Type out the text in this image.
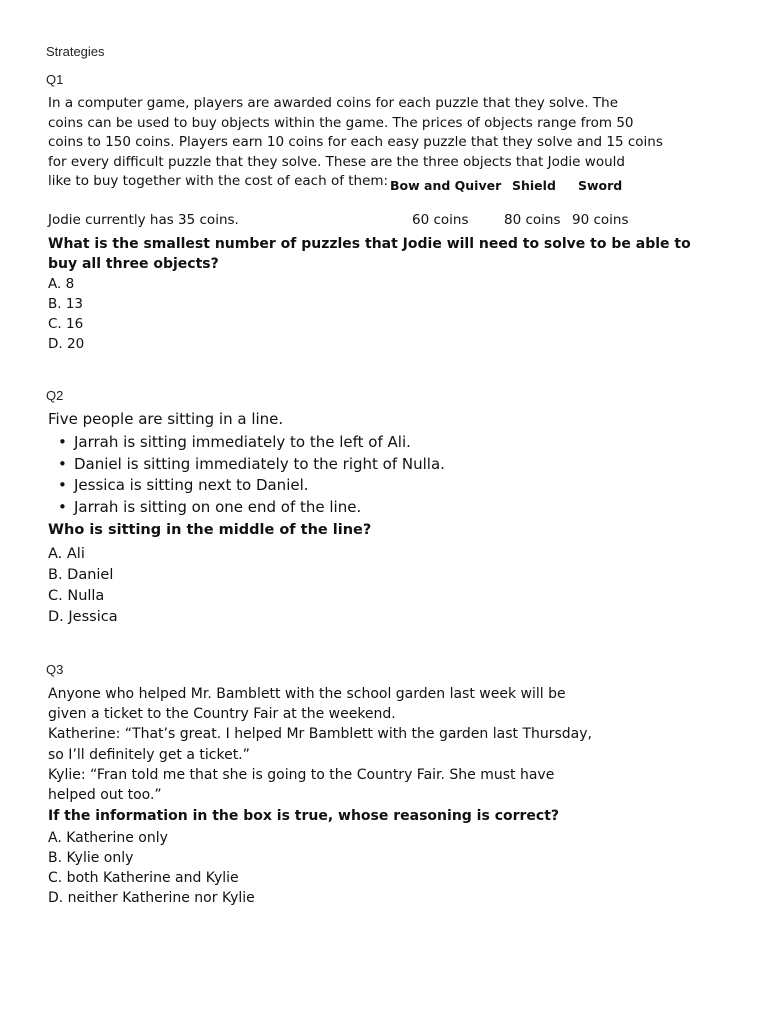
Strategies
Q1
In a computer game, players are awarded coins for each puzzle that they solve. The
coins can be used to buy objects within the game. The prices of objects range from 50
coins to 150 coins. Players earn 10 coins for each easy puzzle that they solve and 15 coins
for every difficult puzzle that they solve. These are the three objects that Jodie would
like to buy together with the cost of each of them: Bow and Quiver Shield Sword
Jodie currently has 35 coins.	60 coins	80 coins 90 coins
What is the smallest number of puzzles that Jodie will need to solve to be able to
buy all three objects?
A. 8
B. 13
C. 16
D. 20
Q2
Five people are sitting in a line.
• Jarrah is sitting immediately to the left of Ali.
• Daniel is sitting immediately to the right of Nulla.
• Jessica is sitting next to Daniel.
• Jarrah is sitting on one end of the line.
Who is sitting in the middle of the line?
A. Ali
B. Daniel
C. Nulla
D. Jessica
Q3
Anyone who helped Mr. Bamblett with the school garden last week will be
given a ticket to the Country Fair at the weekend.
Katherine: “That’s great. I helped Mr Bamblett with the garden last Thursday,
so I’ll definitely get a ticket.”
Kylie: “Fran told me that she is going to the Country Fair. She must have
helped out too.”
If the information in the box is true, whose reasoning is correct?
A. Katherine only
B. Kylie only
C. both Katherine and Kylie
D. neither Katherine nor Kylie
